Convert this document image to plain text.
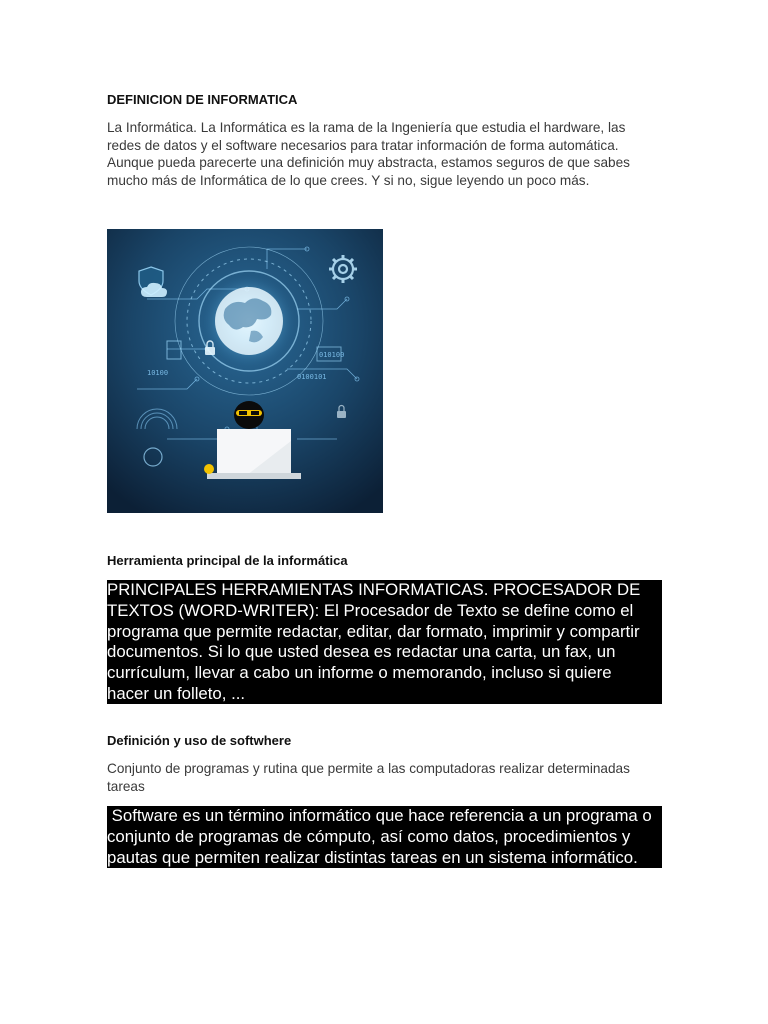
DEFINICION DE INFORMATICA

La Informática. La Informática es la rama de la Ingeniería que estudia el hardware, las
redes de datos y el software necesarios para tratar información de forma automática.
Aunque pueda parecerte una definición muy abstracta, estamos seguros de que sabes
mucho más de Informática de lo que crees. Y si no, sigue leyendo un poco más.

010100
0100101
10100
Herramienta principal de la informática
PRINCIPALES HERRAMIENTAS INFORMATICAS. PROCESADOR DE
TEXTOS (WORD-WRITER): El Procesador de Texto se define como el
programa que permite redactar, editar, dar formato, imprimir y compartir
documentos. Si lo que usted desea es redactar una carta, un fax, un
currículum, llevar a cabo un informe o memorando, incluso si quiere
hacer un folleto, ...
Definición y uso de softwhere

Conjunto de programas y rutina que permite a las computadoras realizar determinadas
tareas

Software es un término informático que hace referencia a un programa o
conjunto de programas de cómputo, así como datos, procedimientos y
pautas que permiten realizar distintas tareas en un sistema informático.
